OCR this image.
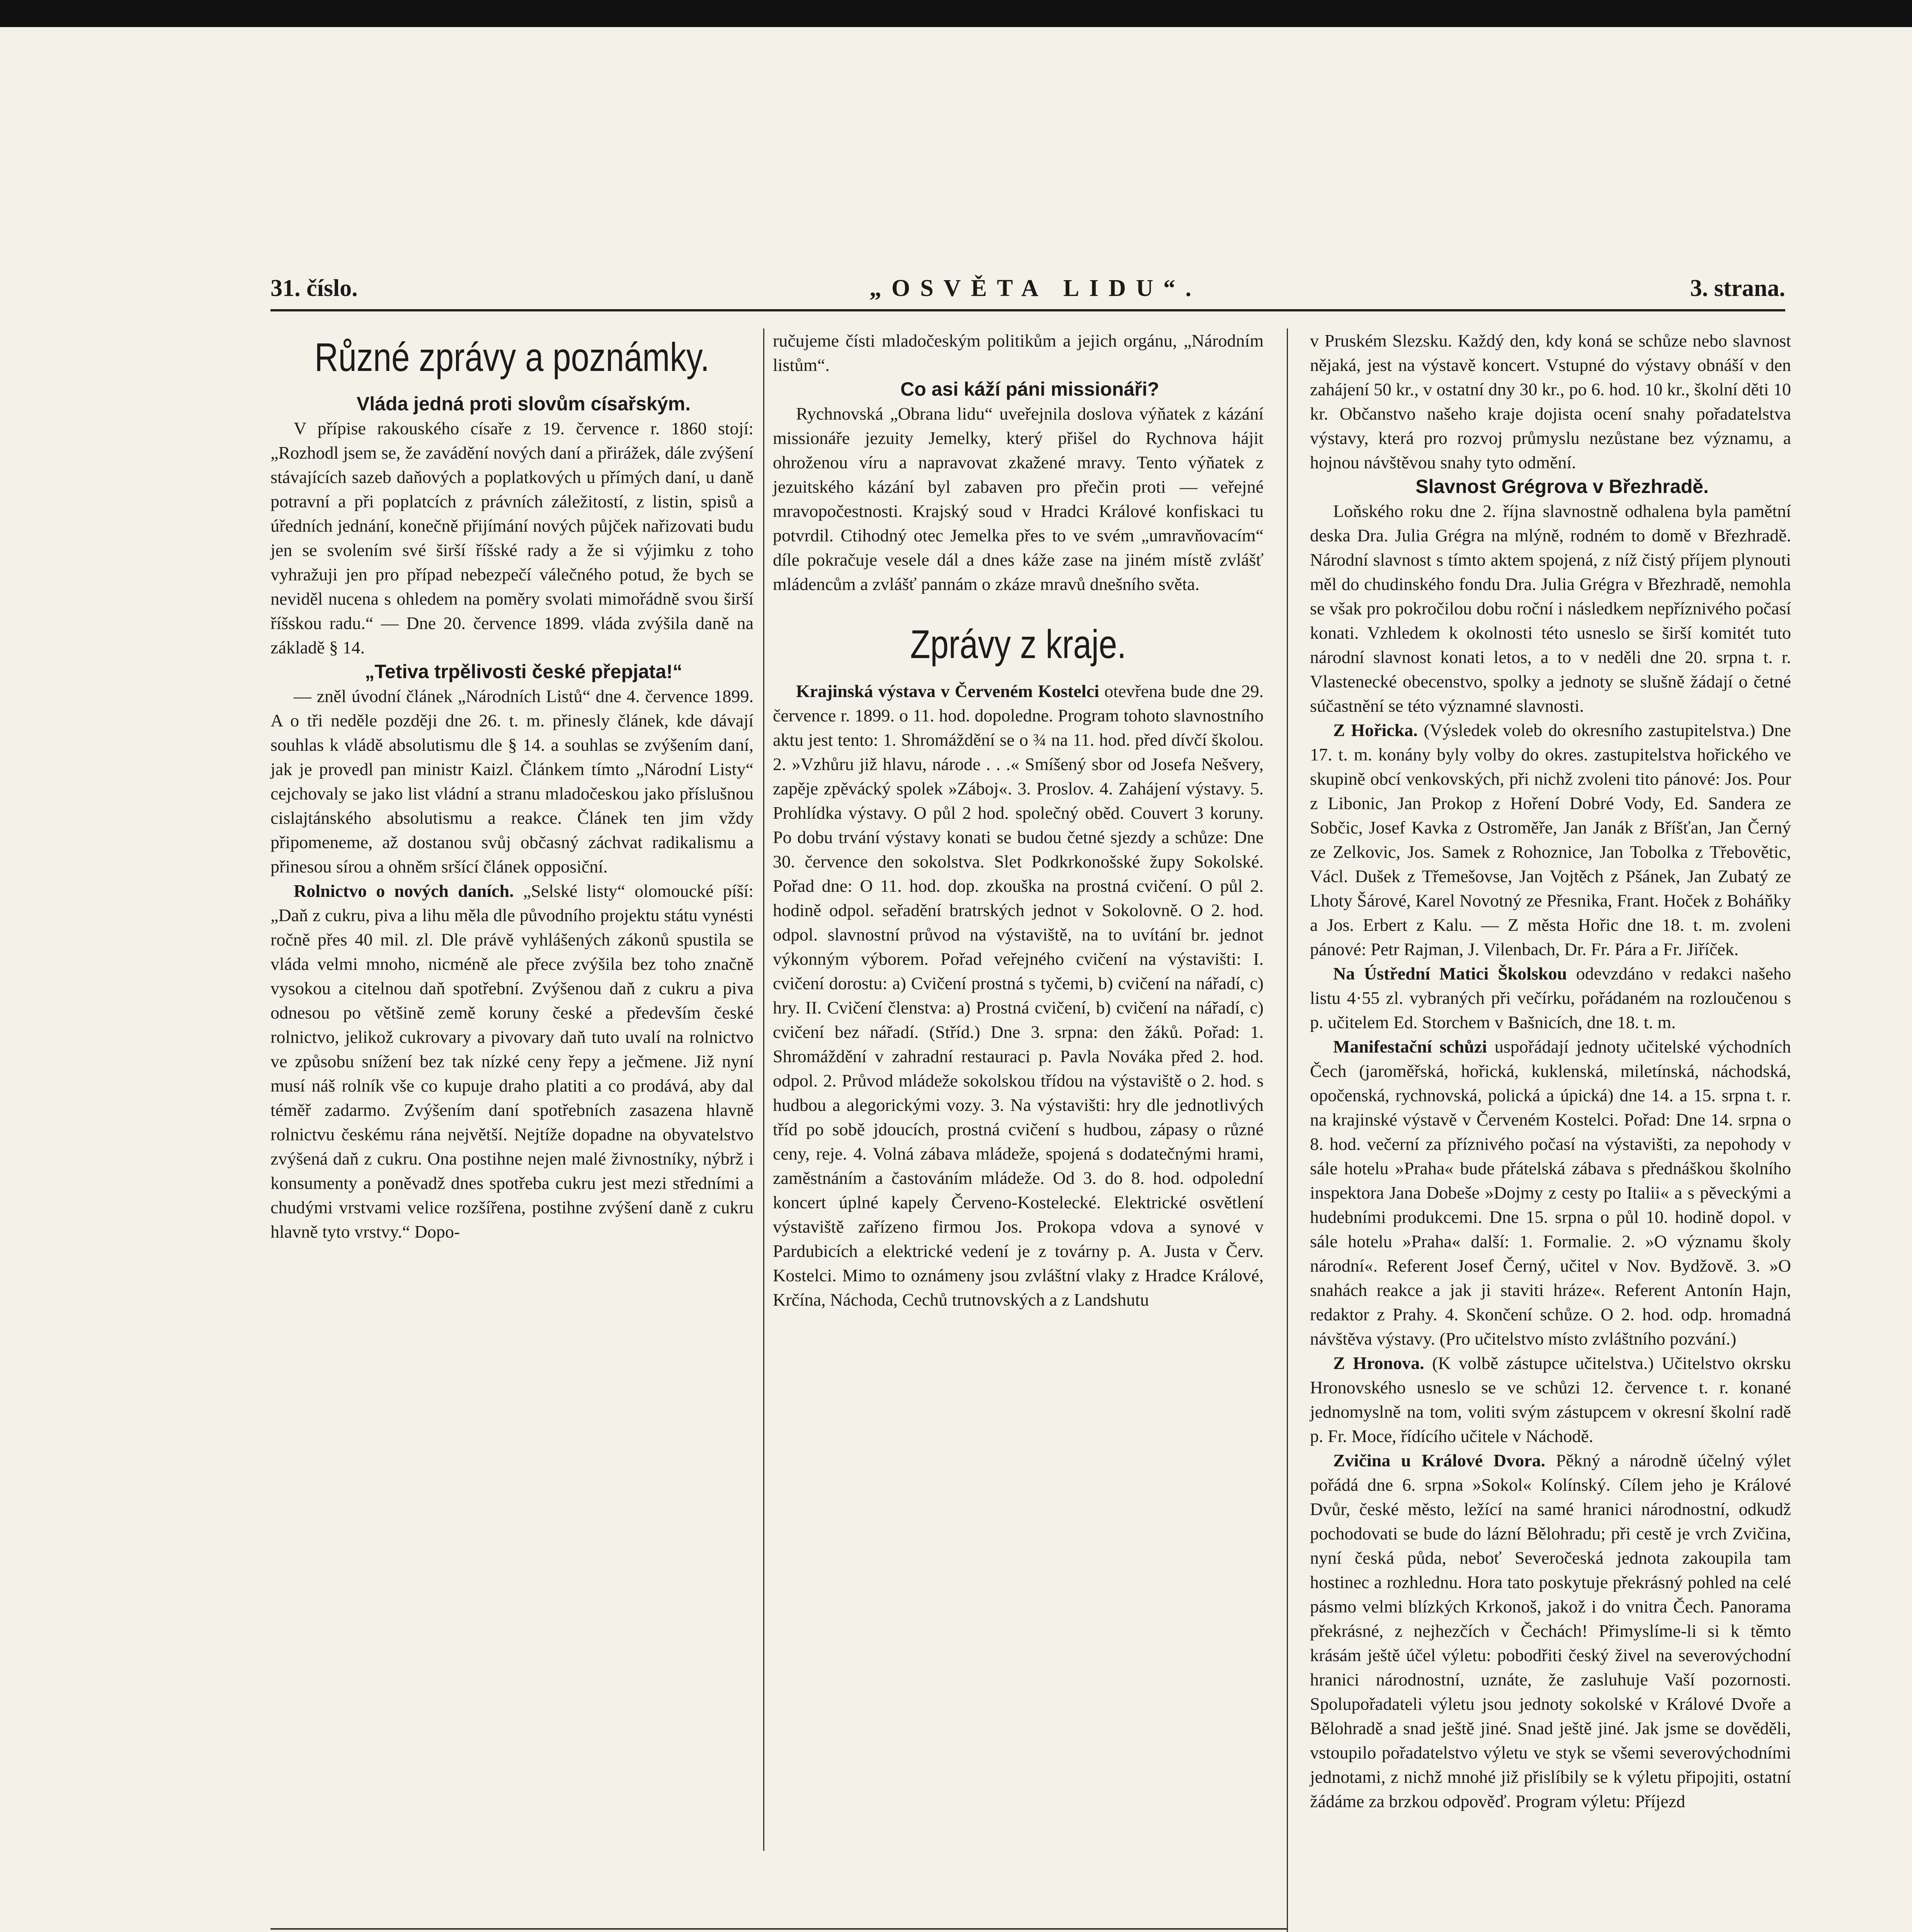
31. číslo.	„OSVĚTA LIDU“.	3. strana.
Různé zprávy a poznámky.

Vláda jedná proti slovům císařským.

V přípise rakouského císaře z 19. července r. 1860 stojí: „Rozhodl jsem se, že zavádění nových daní a přirážek, dále zvýšení stávajících sazeb daňových a poplatkových u přímých daní, u daně potravní a při poplatcích z právních záležitostí, z listin, spisů a úředních jednání, konečně přijímání nových půjček nařizovati budu jen se svolením své širší říšské rady a že si výjimku z toho vyhražuji jen pro případ nebezpečí válečného potud, že bych se neviděl nucena s ohledem na poměry svolati mimořádně svou širší říšskou radu.“ — Dne 20. července 1899. vláda zvýšila daně na základě § 14.

„Tetiva trpělivosti české přepjata!“

— zněl úvodní článek „Národních Listů“ dne 4. července 1899. A o tři neděle později dne 26. t. m. přinesly článek, kde dávají souhlas k vládě absolutismu dle § 14. a souhlas se zvýšením daní, jak je provedl pan ministr Kaizl. Článkem tímto „Národní Listy“ cejchovaly se jako list vládní a stranu mladočeskou jako příslušnou cislajtánského absolutismu a reakce. Článek ten jim vždy připomeneme, až dostanou svůj občasný záchvat radikalismu a přinesou sírou a ohněm sršící článek opposiční.

Rolnictvo o nových daních. „Selské listy“ olomoucké píší: „Daň z cukru, piva a lihu měla dle původního projektu státu vynésti ročně přes 40 mil. zl. Dle právě vyhlášených zákonů spustila se vláda velmi mnoho, nicméně ale přece zvýšila bez toho značně vysokou a citelnou daň spotřební. Zvýšenou daň z cukru a piva odnesou po většině země koruny české a především české rolnictvo, jelikož cukrovary a pivovary daň tuto uvalí na rolnictvo ve způsobu snížení bez tak nízké ceny řepy a ječmene. Již nyní musí náš rolník vše co kupuje draho platiti a co prodává, aby dal téměř zadarmo. Zvýšením daní spotřebních zasazena hlavně rolnictvu českému rána největší. Nejtíže dopadne na obyvatelstvo zvýšená daň z cukru. Ona postihne nejen malé živnostníky, nýbrž i konsumenty a poněvadž dnes spotřeba cukru jest mezi středními a chudými vrstvami velice rozšířena, postihne zvýšení daně z cukru hlavně tyto vrstvy.“ Dopo-

ručujeme čísti mladočeským politikům a jejich orgánu, „Národním listům“.

Co asi káží páni missionáři?

Rychnovská „Obrana lidu“ uveřejnila doslova výňatek z kázání missionáře jezuity Jemelky, který přišel do Rychnova hájit ohroženou víru a napravovat zkažené mravy. Tento výňatek z jezuitského kázání byl zabaven pro přečin proti — veřejné mravopočestnosti. Krajský soud v Hradci Králové konfiskaci tu potvrdil. Ctihodný otec Jemelka přes to ve svém „umravňovacím“ díle pokračuje vesele dál a dnes káže zase na jiném místě zvlášť mládencům a zvlášť pannám o zkáze mravů dnešního světa.

Zprávy z kraje.

Krajinská výstava v Červeném Kostelci otevřena bude dne 29. července r. 1899. o 11. hod. dopoledne. Program tohoto slavnostního aktu jest tento: 1. Shromáždění se o ¾ na 11. hod. před dívčí školou. 2. »Vzhůru již hlavu, národe . . .« Smíšený sbor od Josefa Nešvery, zapěje zpěvácký spolek »Záboj«. 3. Proslov. 4. Zahájení výstavy. 5. Prohlídka výstavy. O půl 2 hod. společný oběd. Couvert 3 koruny. Po dobu trvání výstavy konati se budou četné sjezdy a schůze: Dne 30. července den sokolstva. Slet Podkrkonošské župy Sokolské. Pořad dne: O 11. hod. dop. zkouška na prostná cvičení. O půl 2. hodině odpol. seřadění bratrských jednot v Sokolovně. O 2. hod. odpol. slavnostní průvod na výstaviště, na to uvítání br. jednot výkonným výborem. Pořad veřejného cvičení na výstavišti: I. cvičení dorostu: a) Cvičení prostná s tyčemi, b) cvičení na nářadí, c) hry. II. Cvičení členstva: a) Prostná cvičení, b) cvičení na nářadí, c) cvičení bez nářadí. (Stříd.) Dne 3. srpna: den žáků. Pořad: 1. Shromáždění v zahradní restauraci p. Pavla Nováka před 2. hod. odpol. 2. Průvod mládeže sokolskou třídou na výstaviště o 2. hod. s hudbou a alegorickými vozy. 3. Na výstavišti: hry dle jednotlivých tříd po sobě jdoucích, prostná cvičení s hudbou, zápasy o různé ceny, reje. 4. Volná zábava mládeže, spojená s dodatečnými hrami, zaměstnáním a častováním mládeže. Od 3. do 8. hod. odpolední koncert úplné kapely Červeno-Kostelecké. Elektrické osvětlení výstaviště zařízeno firmou Jos. Prokopa vdova a synové v Pardubicích a elektrické vedení je z továrny p. A. Justa v Červ. Kostelci. Mimo to oznámeny jsou zvláštní vlaky z Hradce Králové, Krčína, Náchoda, Cechů trutnovských a z Landshutu

v Pruském Slezsku. Každý den, kdy koná se schůze nebo slavnost nějaká, jest na výstavě koncert. Vstupné do výstavy obnáší v den zahájení 50 kr., v ostatní dny 30 kr., po 6. hod. 10 kr., školní děti 10 kr. Občanstvo našeho kraje dojista ocení snahy pořadatelstva výstavy, která pro rozvoj průmyslu nezůstane bez významu, a hojnou návštěvou snahy tyto odmění.

Slavnost Grégrova v Březhradě.

Loňského roku dne 2. října slavnostně odhalena byla pamětní deska Dra. Julia Grégra na mlýně, rodném to domě v Březhradě. Národní slavnost s tímto aktem spojená, z níž čistý příjem plynouti měl do chudinského fondu Dra. Julia Grégra v Březhradě, nemohla se však pro pokročilou dobu roční i následkem nepříznivého počasí konati. Vzhledem k okolnosti této usneslo se širší komitét tuto národní slavnost konati letos, a to v neděli dne 20. srpna t. r. Vlastenecké obecenstvo, spolky a jednoty se slušně žádají o četné súčastnění se této významné slavnosti.

Z Hořicka. (Výsledek voleb do okresního zastupitelstva.) Dne 17. t. m. konány byly volby do okres. zastupitelstva hořického ve skupině obcí venkovských, při nichž zvoleni tito pánové: Jos. Pour z Libonic, Jan Prokop z Hoření Dobré Vody, Ed. Sandera ze Sobčic, Josef Kavka z Ostroměře, Jan Janák z Bříšťan, Jan Černý ze Zelkovic, Jos. Samek z Rohoznice, Jan Tobolka z Třebovětic, Václ. Dušek z Třemešovse, Jan Vojtěch z Pšánek, Jan Zubatý ze Lhoty Šárové, Karel Novotný ze Přesnika, Frant. Hoček z Boháňky a Jos. Erbert z Kalu. — Z města Hořic dne 18. t. m. zvoleni pánové: Petr Rajman, J. Vilenbach, Dr. Fr. Pára a Fr. Jiříček.

Na Ústřední Matici Školskou odevzdáno v redakci našeho listu 4·55 zl. vybraných při večírku, pořádaném na rozloučenou s p. učitelem Ed. Storchem v Bašnicích, dne 18. t. m.

Manifestační schůzi uspořádají jednoty učitelské východních Čech (jaroměřská, hořická, kuklenská, miletínská, náchodská, opočenská, rychnovská, polická a úpická) dne 14. a 15. srpna t. r. na krajinské výstavě v Červeném Kostelci. Pořad: Dne 14. srpna o 8. hod. večerní za příznivého počasí na výstavišti, za nepohody v sále hotelu »Praha« bude přátelská zábava s přednáškou školního inspektora Jana Dobeše »Dojmy z cesty po Italii« a s pěveckými a hudebními produkcemi. Dne 15. srpna o půl 10. hodině dopol. v sále hotelu »Praha« další: 1. Formalie. 2. »O významu školy národní«. Referent Josef Černý, učitel v Nov. Bydžově. 3. »O snahách reakce a jak ji staviti hráze«. Referent Antonín Hajn, redaktor z Prahy. 4. Skončení schůze. O 2. hod. odp. hromadná návštěva výstavy. (Pro učitelstvo místo zvláštního pozvání.)

Z Hronova. (K volbě zástupce učitelstva.) Učitelstvo okrsku Hronovského usneslo se ve schůzi 12. července t. r. konané jednomyslně na tom, voliti svým zástupcem v okresní školní radě p. Fr. Moce, řídícího učitele v Náchodě.

Zvičina u Králové Dvora. Pěkný a národně účelný výlet pořádá dne 6. srpna »Sokol« Kolínský. Cílem jeho je Králové Dvůr, české město, ležící na samé hranici národnostní, odkudž pochodovati se bude do lázní Bělohradu; při cestě je vrch Zvičina, nyní česká půda, neboť Severočeská jednota zakoupila tam hostinec a rozhlednu. Hora tato poskytuje překrásný pohled na celé pásmo velmi blízkých Krkonoš, jakož i do vnitra Čech. Panorama překrásné, z nejhezčích v Čechách! Přimyslíme-li si k těmto krásám ještě účel výletu: pobodřiti český živel na severovýchodní hranici národnostní, uznáte, že zasluhuje Vaší pozornosti. Spolupořadateli výletu jsou jednoty sokolské v Králové Dvoře a Bělohradě a snad ještě jiné. Snad ještě jiné. Jak jsme se dověděli, vstoupilo pořadatelstvo výletu ve styk se všemi severovýchodními jednotami, z nichž mnohé již přislíbily se k výletu připojiti, ostatní žádáme za brzkou odpověď. Program výletu: Příjezd
